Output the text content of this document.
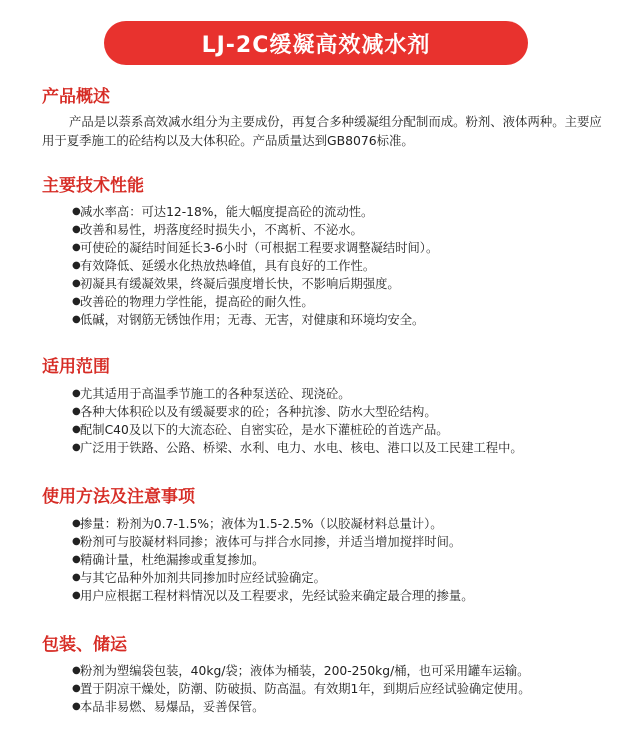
LJ-2C缓凝高效减水剂
产品概述
产品是以萘系高效减水组分为主要成份，再复合多种缓凝组分配制而成。粉剂、液体两种。主要应用于夏季施工的砼结构以及大体积砼。产品质量达到GB8076标准。
主要技术性能
● 减水率高：可达12-18%，能大幅度提高砼的流动性。
● 改善和易性，坍落度经时损失小，不离析、不泌水。
● 可使砼的凝结时间延长3-6小时（可根据工程要求调整凝结时间）。
● 有效降低、延缓水化热放热峰值，具有良好的工作性。
● 初凝具有缓凝效果，终凝后强度增长快，不影响后期强度。
● 改善砼的物理力学性能，提高砼的耐久性。
● 低碱，对钢筋无锈蚀作用；无毒、无害，对健康和环境均安全。
适用范围
● 尤其适用于高温季节施工的各种泵送砼、现浇砼。
● 各种大体积砼以及有缓凝要求的砼；各种抗渗、防水大型砼结构。
● 配制C40及以下的大流态砼、自密实砼，是水下灌桩砼的首选产品。
● 广泛用于铁路、公路、桥梁、水利、电力、水电、核电、港口以及工民建工程中。
使用方法及注意事项
● 掺量：粉剂为0.7-1.5%；液体为1.5-2.5%（以胶凝材料总量计）。
● 粉剂可与胶凝材料同掺；液体可与拌合水同掺，并适当增加搅拌时间。
● 精确计量，杜绝漏掺或重复掺加。
● 与其它品种外加剂共同掺加时应经试验确定。
● 用户应根据工程材料情况以及工程要求，先经试验来确定最合理的掺量。
包装、储运
● 粉剂为塑编袋包装，40kg/袋；液体为桶装，200-250kg/桶，也可采用罐车运输。
● 置于阴凉干燥处，防潮、防破损、防高温。有效期1年，到期后应经试验确定使用。
● 本品非易燃、易爆品，妥善保管。
